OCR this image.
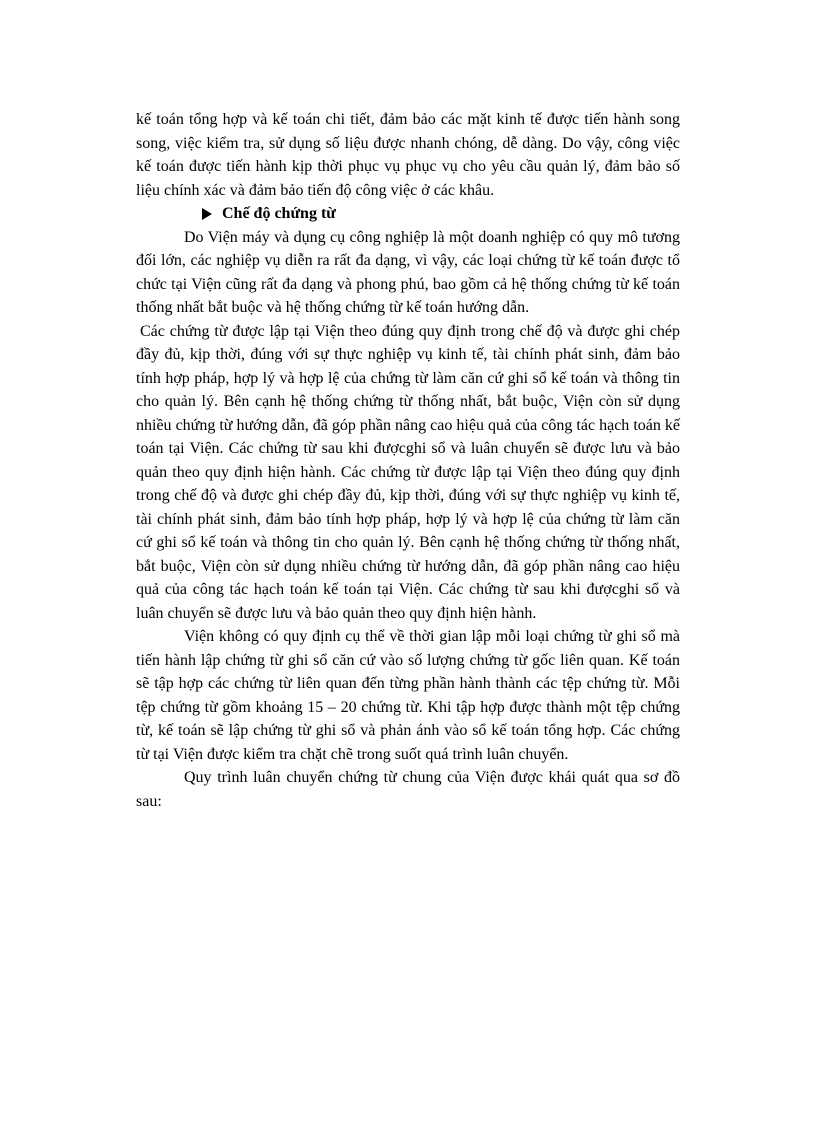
kế toán tổng hợp và kế toán chi tiết, đảm bảo các mặt kinh tế được tiến hành song song, việc kiểm tra, sử dụng số liệu được nhanh chóng, dễ dàng. Do vậy, công việc kế toán được tiến hành kịp thời phục vụ phục vụ cho yêu cầu quản lý, đảm bảo số liệu chính xác và đảm bảo tiến độ công việc ở các khâu.

Chế độ chứng từ

Do Viện máy và dụng cụ công nghiệp là một doanh nghiệp có quy mô tương đối lớn, các nghiệp vụ diễn ra rất đa dạng, vì vậy, các loại chứng từ kế toán được tổ chức tại Viện cũng rất đa dạng và phong phú, bao gồm cả hệ thống chứng từ kế toán thống nhất bắt buộc và hệ thống chứng từ kế toán hướng dẫn.

Các chứng từ được lập tại Viện theo đúng quy định trong chế độ và được ghi chép đầy đủ, kịp thời, đúng với sự thực nghiệp vụ kinh tế, tài chính phát sinh, đảm bảo tính hợp pháp, hợp lý và hợp lệ của chứng từ làm căn cứ ghi sổ kế toán và thông tin cho quản lý. Bên cạnh hệ thống chứng từ thống nhất, bắt buộc, Viện còn sử dụng nhiều chứng từ hướng dẫn, đã góp phần nâng cao hiệu quả của công tác hạch toán kế toán tại Viện. Các chứng từ sau khi đượcghi sổ và luân chuyển sẽ được lưu và bảo quản theo quy định hiện hành. Các chứng từ được lập tại Viện theo đúng quy định trong chế độ và được ghi chép đầy đủ, kịp thời, đúng với sự thực nghiệp vụ kinh tế, tài chính phát sinh, đảm bảo tính hợp pháp, hợp lý và hợp lệ của chứng từ làm căn cứ ghi sổ kế toán và thông tin cho quản lý. Bên cạnh hệ thống chứng từ thống nhất, bắt buộc, Viện còn sử dụng nhiều chứng từ hướng dẫn, đã góp phần nâng cao hiệu quả của công tác hạch toán kế toán tại Viện. Các chứng từ sau khi đượcghi sổ và luân chuyển sẽ được lưu và bảo quản theo quy định hiện hành.

Viện không có quy định cụ thể về thời gian lập mỗi loại chứng từ ghi sổ mà tiến hành lập chứng từ ghi sổ căn cứ vào số lượng chứng từ gốc liên quan. Kế toán sẽ tập hợp các chứng từ liên quan đến từng phần hành thành các tệp chứng từ. Mỗi tệp chứng từ gồm khoảng 15 – 20 chứng từ. Khi tập hợp được thành một tệp chứng từ, kế toán sẽ lập chứng từ ghi sổ và phản ánh vào sổ kế toán tổng hợp. Các chứng từ tại Viện được kiểm tra chặt chẽ trong suốt quá trình luân chuyển.

Quy trình luân chuyển chứng từ chung của Viện được khái quát qua sơ đồ sau:
